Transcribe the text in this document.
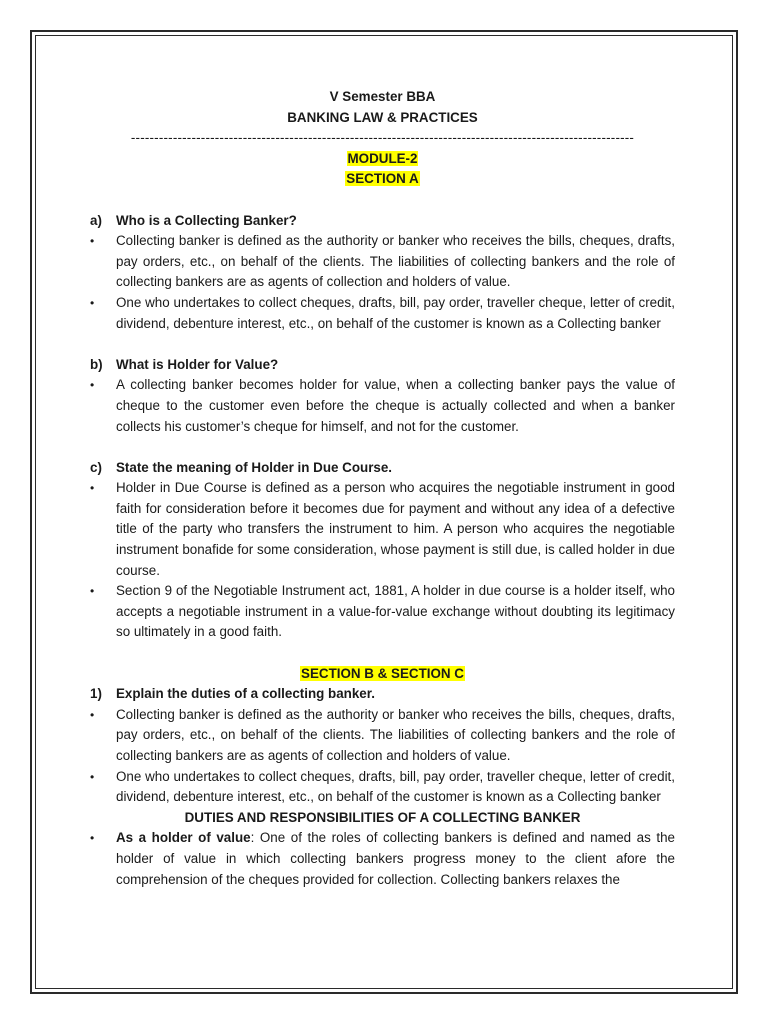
V Semester BBA
BANKING LAW & PRACTICES
------------------------------------------------------------------------------------------------------------
MODULE-2
SECTION A
a)	Who is a Collecting Banker?
•	Collecting banker is defined as the authority or banker who receives the bills, cheques, drafts, pay orders, etc., on behalf of the clients. The liabilities of collecting bankers and the role of collecting bankers are as agents of collection and holders of value.
•	One who undertakes to collect cheques, drafts, bill, pay order, traveller cheque, letter of credit, dividend, debenture interest, etc., on behalf of the customer is known as a Collecting banker
b) What is Holder for Value?
•	A collecting banker becomes holder for value, when a collecting banker pays the value of cheque to the customer even before the cheque is actually collected and when a banker collects his customer’s cheque for himself, and not for the customer.
c)	State the meaning of Holder in Due Course.
•	Holder in Due Course is defined as a person who acquires the negotiable instrument in good faith for consideration before it becomes due for payment and without any idea of a defective title of the party who transfers the instrument to him. A person who acquires the negotiable instrument bonafide for some consideration, whose payment is still due, is called holder in due course.
•	Section 9 of the Negotiable Instrument act, 1881, A holder in due course is a holder itself, who accepts a negotiable instrument in a value-for-value exchange without doubting its legitimacy so ultimately in a good faith.
SECTION B & SECTION C
1)	Explain the duties of a collecting banker.
•	Collecting banker is defined as the authority or banker who receives the bills, cheques, drafts, pay orders, etc., on behalf of the clients. The liabilities of collecting bankers and the role of collecting bankers are as agents of collection and holders of value.
•	One who undertakes to collect cheques, drafts, bill, pay order, traveller cheque, letter of credit, dividend, debenture interest, etc., on behalf of the customer is known as a Collecting banker
DUTIES AND RESPONSIBILITIES OF A COLLECTING BANKER
•	As a holder of value: One of the roles of collecting bankers is defined and named as the holder of value in which collecting bankers progress money to the client afore the comprehension of the cheques provided for collection. Collecting bankers relaxes the
